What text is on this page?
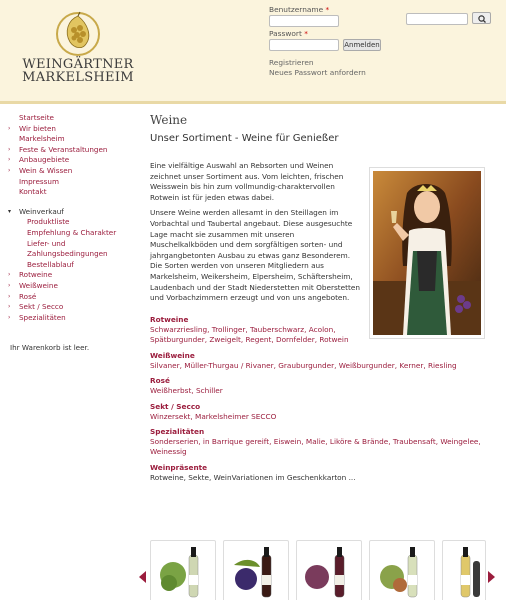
WEINGÄRTNER
MARKELSHEIM
Benutzername *
Passwort *
Anmelden
Registrieren
Neues Passwort anfordern
Startseite
›	Wir bieten
Markelsheim
›	Feste & Veranstaltungen
›	Anbaugebiete
›	Wein & Wissen
Impressum
Kontakt
▾	Weinverkauf
Produktliste
Empfehlung & Charakter
Liefer- und
Zahlungsbedingungen
Bestellablauf
›	Rotweine
›	Weißweine
›	Rosé
›	Sekt / Secco
›	Spezialitäten
Ihr Warenkorb ist leer.
Weine
Unser Sortiment - Weine für Genießer

Eine vielfältige Auswahl an Rebsorten und Weinen zeichnet unser Sortiment aus. Vom leichten, frischen Weisswein bis hin zum vollmundig-charaktervollen Rotwein ist für jeden etwas dabei.

Unsere Weine werden allesamt in den Steillagen im Vorbachtal und Taubertal angebaut. Diese ausgesuchte Lage macht sie zusammen mit unseren Muschelkalkböden und dem sorgfältigen sorten- und jahrgangbetonten Ausbau zu etwas ganz Besonderem. Die Sorten werden von unseren Mitgliedern aus Markelsheim, Weikersheim, Elpersheim, Schäftersheim, Laudenbach und der Stadt Niederstetten mit Oberstetten und Vorbachzimmern erzeugt und von uns angeboten.

Rotweine
Schwarzriesling, Trollinger, Tauberschwarz, Acolon,
Spätburgunder, Zweigelt, Regent, Dornfelder, Rotwein
Weißweine
Silvaner, Müller-Thurgau / Rivaner, Grauburgunder, Weißburgunder, Kerner, Riesling
Rosé
Weißherbst, Schiller
Sekt / Secco
Winzersekt, Markelsheimer SECCO
Spezialitäten
Sonderserien, in Barrique gereift, Eiswein, Malie, Liköre & Brände, Traubensaft, Weingelee,
Weinessig
Weinpräsente
Rotweine, Sekte, WeinVariationen im Geschenkkarton ...
